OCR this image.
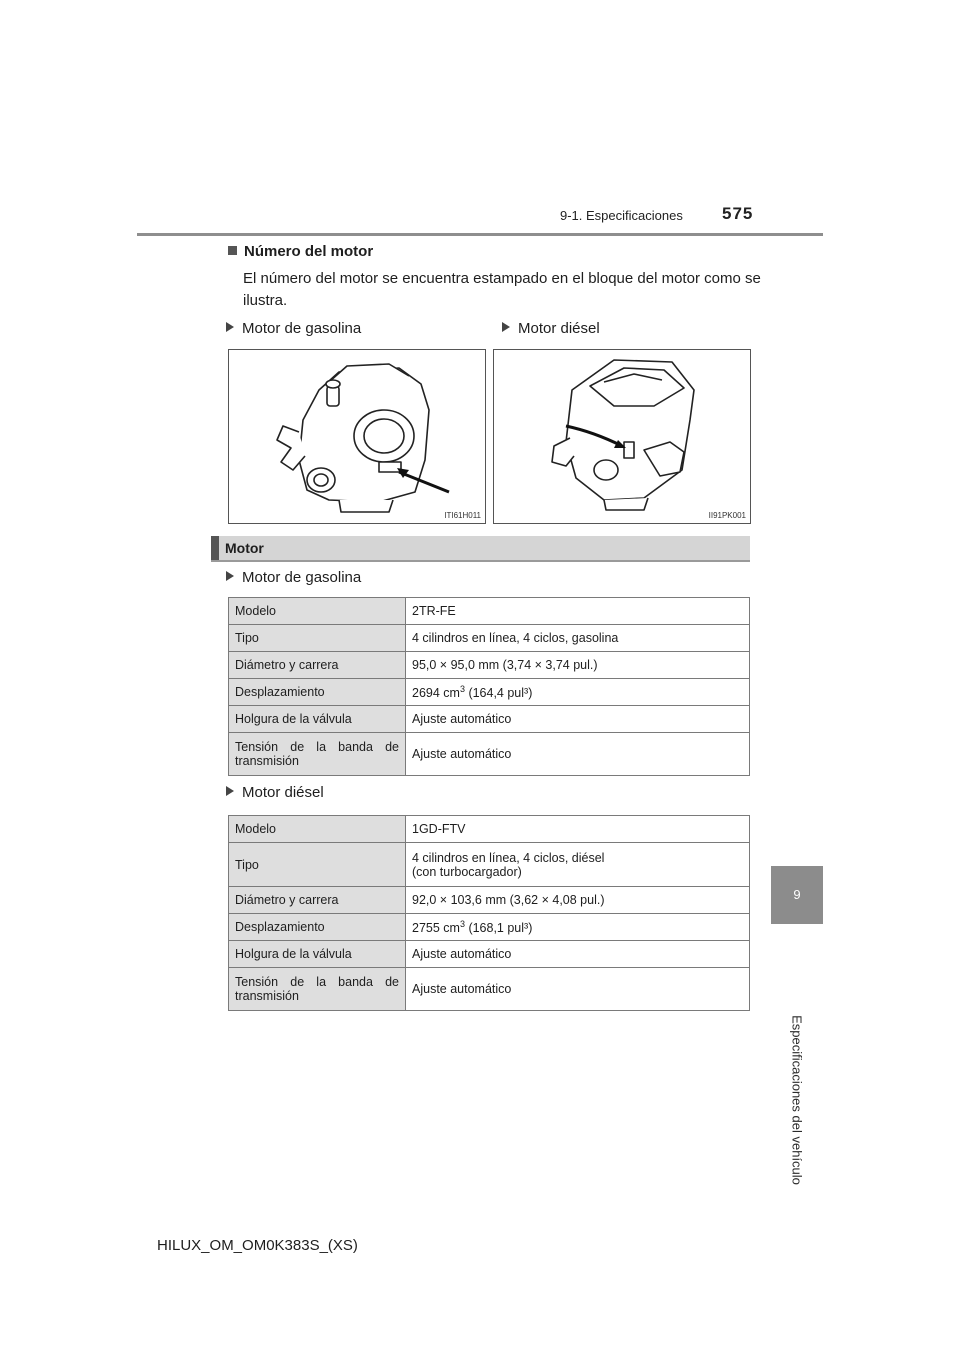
9-1. Especificaciones 575
9
Especificaciones del vehículo
Número del motor
El número del motor se encuentra estampado en el bloque del motor como se ilustra.
Motor de gasolina	Motor diésel
ITI61H011	II91PK001
Motor
Motor de gasolina
Modelo	2TR-FE
Tipo	4 cilindros en línea, 4 ciclos, gasolina
Diámetro y carrera	95,0 × 95,0 mm (3,74 × 3,74 pul.)
Desplazamiento	2694 $cm^3$ (164,4 pul³)
Holgura de la válvula	Ajuste automático

Tensión de la banda de
transmisión	Ajuste automático
Motor diésel
Modelo	1GD-FTV
Tipo	4 cilindros en línea, 4 ciclos, diésel
(con turbocargador)

Diámetro y carrera	92,0 × 103,6 mm (3,62 × 4,08 pul.)
Desplazamiento	2755 $cm^3$ (168,1 pul³)
Holgura de la válvula	Ajuste automático

Tensión de la banda de
transmisión	Ajuste automático
HILUX_OM_OM0K383S_(XS)
